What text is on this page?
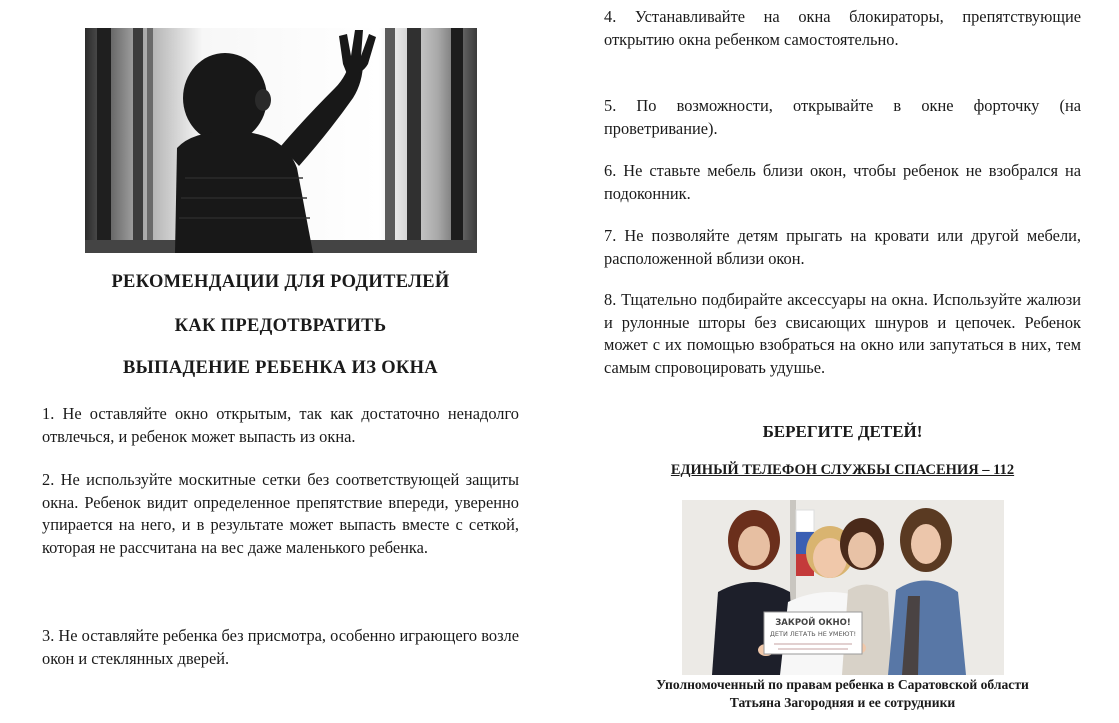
РЕКОМЕНДАЦИИ ДЛЯ РОДИТЕЛЕЙ
КАК ПРЕДОТВРАТИТЬ
ВЫПАДЕНИЕ РЕБЕНКА ИЗ ОКНА

1. Не оставляйте окно открытым, так как достаточно ненадолго отвлечься, и ребенок может выпасть из окна.

2. Не используйте москитные сетки без соответствующей защиты окна. Ребенок видит определенное препятствие впереди, уверенно упирается на него, и в результате может выпасть вместе с сеткой, которая не рассчитана на вес даже маленького ребенка.

3. Не оставляйте ребенка без присмотра, особенно играющего возле окон и стеклянных дверей.

4. Устанавливайте на окна блокираторы, препятствующие открытию окна ребенком самостоятельно.

5. По возможности, открывайте в окне форточку (на проветривание).

6. Не ставьте мебель близи окон, чтобы ребенок не взобрался на подоконник.

7. Не позволяйте детям прыгать на кровати или другой мебели, расположенной вблизи окон.

8. Тщательно подбирайте аксессуары на окна. Используйте жалюзи и рулонные шторы без свисающих шнуров и цепочек. Ребенок может с их помощью взобраться на окно или запутаться в них, тем самым спровоцировать удушье.

БЕРЕГИТЕ ДЕТЕЙ!

ЕДИНЫЙ ТЕЛЕФОН СЛУЖБЫ СПАСЕНИЯ – 112

ЗАКРОЙ ОКНО!
ДЕТИ ЛЕТАТЬ НЕ УМЕЮТ!

Уполномоченный по правам ребенка в Саратовской области

Татьяна Загородняя и ее сотрудники
